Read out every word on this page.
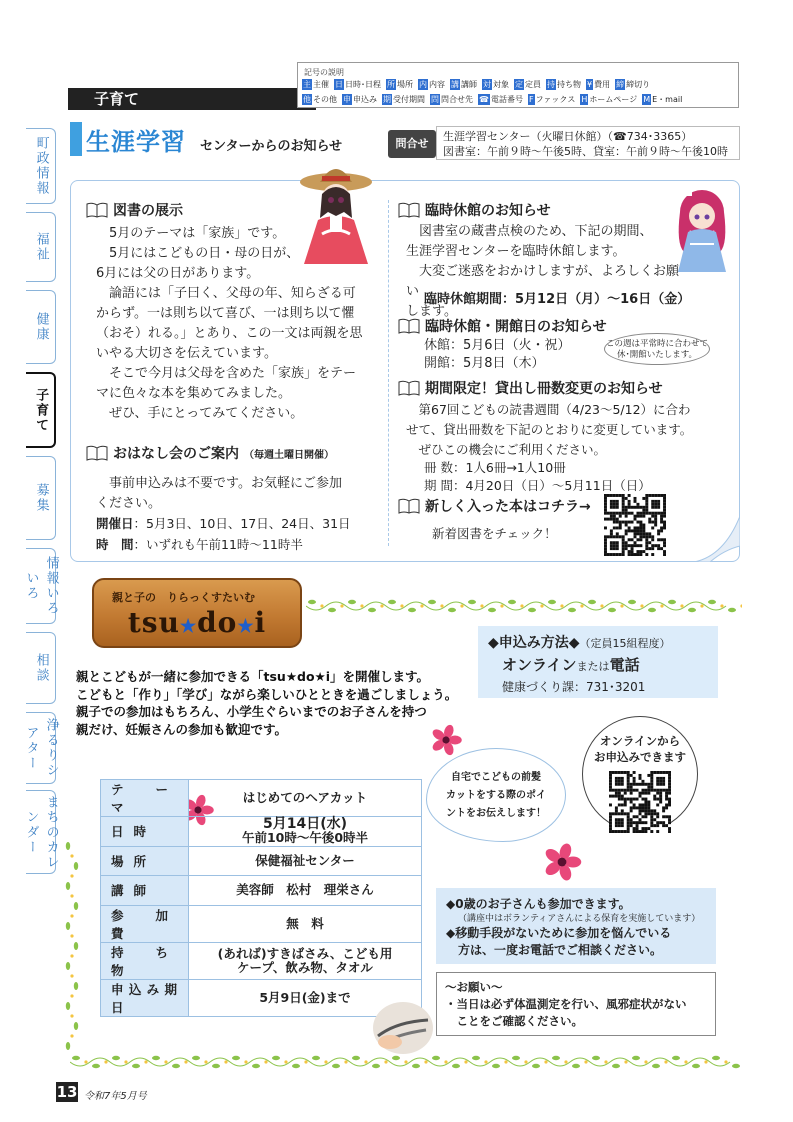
子育て
記号の説明
主 主催 日 日時･日程 所 場所 内 内容 講 講師 対 対象 定 定員 持 持ち物 ¥ 費用 締 締切り
他 その他 申 申込み 期 受付期間 問 問合せ先 ☎ 電話番号 F ファックス H ホームページ M E・mail
町政情報
福祉
健康
子育て
募集
情報いろいろ
相談
浄るりシアター
まちのカレンダー
生涯学習 センターからのお知らせ	問合せ
生涯学習センター（火曜日休館）（☎734･3365）
図書室：午前９時～午後5時、貸室：午前９時～午後10時
図書の展示
　5月のテーマは「家族」です。
　5月にはこどもの日・母の日が、
6月には父の日があります。
　論語には「子曰く、父母の年、知らざる可
からず。一は則ち以て喜び、一は則ち以て懼
（おそ）れる。」とあり、この一文は両親を思
いやる大切さを伝えています。
　そこで今月は父母を含めた「家族」をテー
マに色々な本を集めてみました。
　ぜひ、手にとってみてください。
おはなし会のご案内 （毎週土曜日開催）
　事前申込みは不要です。お気軽にご参加
ください。
開催日：5月3日、10日、17日、24日、31日
時　間：いずれも午前11時～11時半
臨時休館のお知らせ
　図書室の蔵書点検のため、下記の期間、
生涯学習センターを臨時休館します。
　大変ご迷惑をおかけしますが、よろしくお願い
します。
臨時休館期間：5月12日（月）～16日（金）
臨時休館・開館日のお知らせ
休館：5月6日（火・祝）
開館：5月8日（木）
この週は平常時に合わせて休･開館いたします。
期間限定！貸出し冊数変更のお知らせ
　第67回こどもの読書週間（4/23～5/12）に合わ
せて、貸出冊数を下記のとおりに変更しています。
　ぜひこの機会にご利用ください。
冊 数：1人6冊→1人10冊
期 間：4月20日（日）～5月11日（日）
新しく入った本はコチラ→
新着図書をチェック！
親と子の　りらっくすたいむ
tsu★do★i
親とこどもが一緒に参加できる「tsu★do★i」を開催します。
こどもと「作り」「学び」ながら楽しいひとときを過ごしましょう。
親子での参加はもちろん、小学生ぐらいまでのお子さんを持つ
親だけ、妊娠さんの参加も歓迎です。
◆申込み方法◆（定員15組程度）
オンラインまたは電話
健康づくり課：731･3201
オンラインから
お申込みできます
自宅でこどもの前髪
カットをする際のポイ
ントをお伝えします！
テーマ	はじめてのヘアカット

日時	5月14日(水)
午前10時～午後0時半

場所	保健福祉センター

講師	美容師　松村　理栄さん

参加費	無　料

持ち物	(あれば)すきばさみ、こども用
ケープ、飲み物、タオル

申込み期日	5月9日(金)まで
◆0歳のお子さんも参加できます。
（講座中はボランティアさんによる保育を実施しています）
◆移動手段がないために参加を悩んでいる
　方は、一度お電話でご相談ください。
～お願い～
・当日は必ず体温測定を行い、風邪症状がない
　ことをご確認ください。
13 令和7年5月号
